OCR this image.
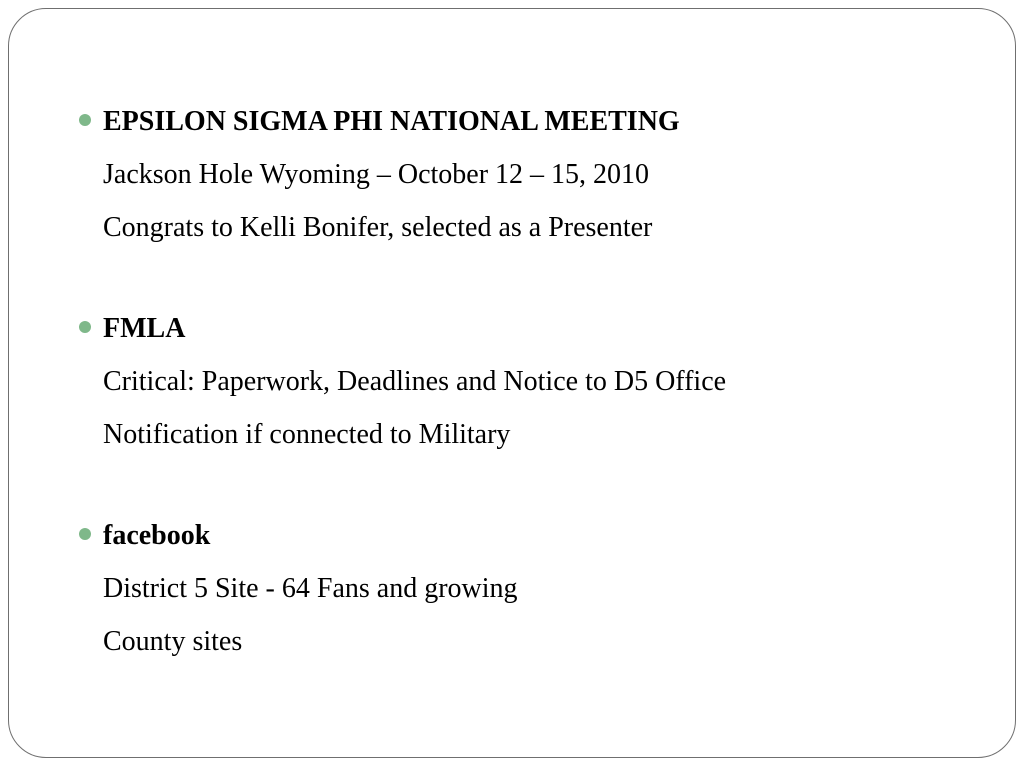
EPSILON SIGMA PHI NATIONAL MEETING
Jackson Hole Wyoming – October 12 – 15, 2010
Congrats to Kelli Bonifer, selected as a Presenter
FMLA
Critical: Paperwork, Deadlines and Notice to D5 Office
Notification if connected to Military
facebook
District 5 Site - 64 Fans and growing
County sites
